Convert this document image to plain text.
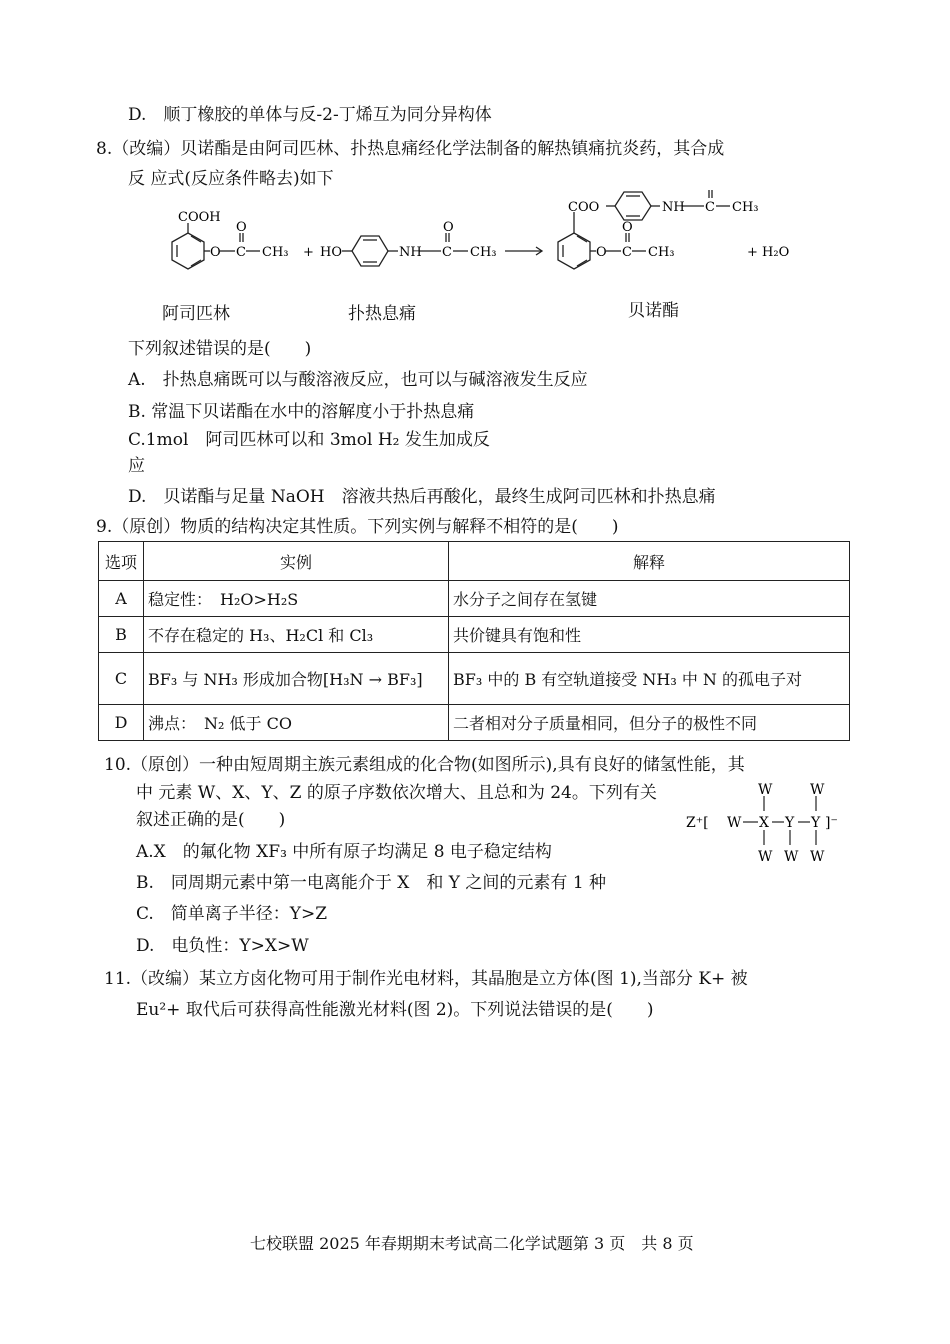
D.　顺丁橡胶的单体与反-2-丁烯互为同分异构体
8.（改编）贝诺酯是由阿司匹林、扑热息痛经化学法制备的解热镇痛抗炎药，其合成
反 应式(反应条件略去)如下
COOH
O
O
C CH₃ + HO	NH
O
C CH₃
COO
O
O
C CH₃
NH C CH₃
+ H₂O
阿司匹林	扑热息痛	贝诺酯
下列叙述错误的是(　　)
A.　扑热息痛既可以与酸溶液反应，也可以与碱溶液发生反应
B. 常温下贝诺酯在水中的溶解度小于扑热息痛
C.1mol　阿司匹林可以和 3mol H₂ 发生加成反
应
D.　贝诺酯与足量 NaOH　溶液共热后再酸化，最终生成阿司匹林和扑热息痛
9.（原创）物质的结构决定其性质。下列实例与解释不相符的是(　　)
选项	实例	解释
A	稳定性：　H₂O>H₂S	水分子之间存在氢键
B	不存在稳定的 H₃、H₂Cl 和 Cl₃	共价键具有饱和性
C	BF₃ 与 NH₃ 形成加合物[H₃N → BF₃]	BF₃ 中的 B 有空轨道接受 NH₃ 中 N 的孤电子对
D	沸点：　N₂ 低于 CO	二者相对分子质量相同，但分子的极性不同
10.（原创）一种由短周期主族元素组成的化合物(如图所示),具有良好的储氢性能，其
中 元素 W、X、Y、Z 的原子序数依次增大、且总和为 24。下列有关
叙述正确的是(　　)
W	W
Z⁺[ W X Y Y ]⁻
W W W
A.X　的氟化物 XF₃ 中所有原子均满足 8 电子稳定结构
B.　同周期元素中第一电离能介于 X　和 Y 之间的元素有 1 种
C.　简单离子半径：Y>Z
D.　电负性：Y>X>W
11.（改编）某立方卤化物可用于制作光电材料，其晶胞是立方体(图 1),当部分 K+ 被
Eu²+ 取代后可获得高性能激光材料(图 2)。下列说法错误的是(　　)
七校联盟 2025 年春期期末考试高二化学试题第 3 页　共 8 页
